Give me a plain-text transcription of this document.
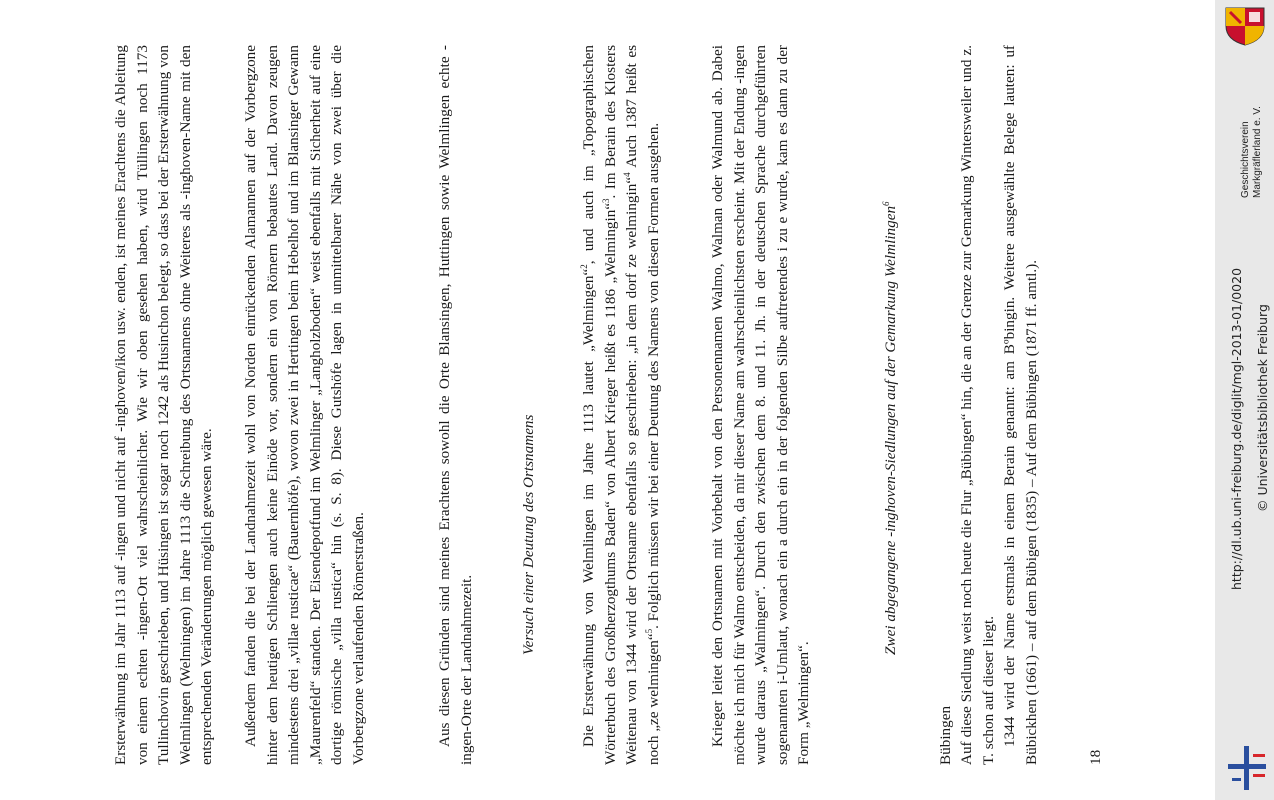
Ersterwähnung im Jahr 1113 auf -ingen und nicht auf -inghoven/ikon usw. enden, ist meines Erachtens die Ableitung von einem echten -ingen-Ort viel wahrscheinlicher. Wie wir oben gesehen haben, wird Tüllingen noch 1173 Tullinchovin geschrieben, und Hüsingen ist sogar noch 1242 als Husinchon belegt, so dass bei der Ersterwähnung von Welmlingen (Welmingen) im Jahre 1113 die Schreibung des Ortsnamens ohne Weiteres als -inghoven-Name mit den entsprechenden Veränderungen möglich gewesen wäre. Außerdem fanden die bei der Landnahmezeit wohl von Norden einrückenden Alamannen auf der Vorbergzone hinter dem heutigen Schliengen auch keine Einöde vor, sondern ein von Römern bebautes Land. Davon zeugen mindestens drei „villae rusticae“ (Bauernhöfe), wovon zwei in Hertingen beim Hebelhof und im Blansinger Gewann „Maurenfeld“ standen. Der Eisendepotfund im Welmlinger „Langholzboden“ weist ebenfalls mit Sicherheit auf eine dortige römische „villa rustica“ hin (s. S. 8). Diese Gutshöfe lagen in unmittelbarer Nähe von zwei über die Vorbergzone verlaufenden Römerstraßen.	Aus diesen Gründen sind meines Erachtens sowohl die Orte Blansingen, Huttingen sowie Welmlingen echte -ingen-Orte der Landnahmezeit.

Versuch einer Deutung des Ortsnamens	Die Ersterwähnung von Welmlingen im Jahre 1113 lautet „Welmingen“$^2$, und auch im „Topographischen Wörterbuch des Großherzogthums Baden“ von Albert Krieger heißt es 1186 „Welmingin“$^3$. Im Berain des Klosters Weitenau von 1344 wird der Ortsname ebenfalls so geschrieben: „in dem dorf ze welmingin“$^4$ Auch 1387 heißt es noch „ze welmingen“$^5$. Folglich müssen wir bei einer Deutung des Namens von diesen Formen ausgehen.	Krieger leitet den Ortsnamen mit Vorbehalt von den Personennamen Walmo, Walman oder Walmund ab. Dabei möchte ich mich für Walmo entscheiden, da mir dieser Name am wahrscheinlichsten erscheint. Mit der Endung -ingen wurde daraus „Walmingen“. Durch den zwischen dem 8. und 11. Jh. in der deutschen Sprache durchgeführten sogenannten i-Umlaut, wonach ein a durch ein in der folgenden Silbe auftretendes i zu e wurde, kam es dann zu der Form „Welmingen“.

Zwei abgegangene -inghoven-Siedlungen auf der Gemarkung Welmlingen$^6$

Bübingen Auf diese Siedlung weist noch heute die Flur „Bübingen“ hin, die an der Grenze zur Gemarkung Wintersweiler und z. T. schon auf dieser liegt. 1344 wird der Name erstmals in einem Berain genannt: am Bºbingin. Weitere ausgewählte Belege lauten: uf Bübickhen (1661) – auf dem Bübigen (1835) – Auf dem Bübingen (1871 ff. amtl.).	18

Geschichtsverein Markgräflerland e. V.
http://dl.ub.uni-freiburg.de/diglit/mgl-2013-01/0020 © Universitätsbibliothek Freiburg
